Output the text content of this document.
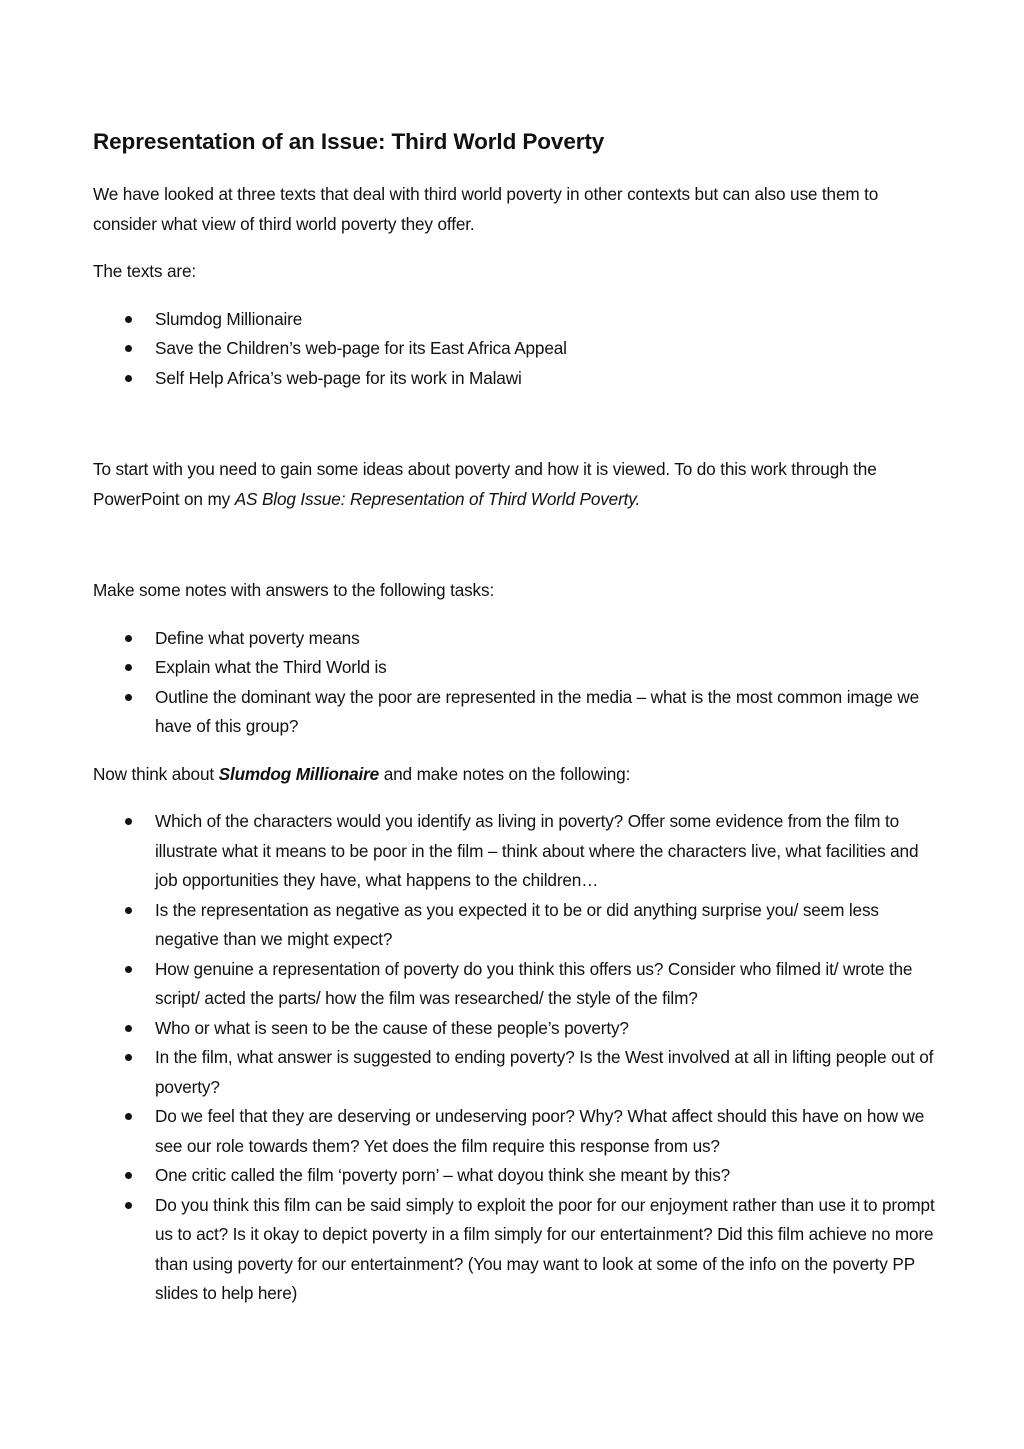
Representation of an Issue: Third World Poverty

We have looked at three texts that deal with third world poverty in other contexts but can also use them to consider what view of third world poverty they offer.

The texts are:

Slumdog Millionaire
Save the Children’s web-page for its East Africa Appeal
Self Help Africa’s web-page for its work in Malawi

To start with you need to gain some ideas about poverty and how it is viewed. To do this work through the PowerPoint on my AS Blog Issue: Representation of Third World Poverty.

Make some notes with answers to the following tasks:

Define what poverty means
Explain what the Third World is
Outline the dominant way the poor are represented in the media – what is the most common image we have of this group?

Now think about Slumdog Millionaire and make notes on the following:

Which of the characters would you identify as living in poverty? Offer some evidence from the film to illustrate what it means to be poor in the film – think about where the characters live, what facilities and job opportunities they have, what happens to the children…
Is the representation as negative as you expected it to be or did anything surprise you/ seem less negative than we might expect?
How genuine a representation of poverty do you think this offers us? Consider who filmed it/ wrote the script/ acted the parts/ how the film was researched/ the style of the film?
Who or what is seen to be the cause of these people’s poverty?
In the film, what answer is suggested to ending poverty? Is the West involved at all in lifting people out of poverty?
Do we feel that they are deserving or undeserving poor? Why? What affect should this have on how we see our role towards them? Yet does the film require this response from us?
One critic called the film ‘poverty porn’ – what doyou think she meant by this?
Do you think this film can be said simply to exploit the poor for our enjoyment rather than use it to prompt us to act? Is it okay to depict poverty in a film simply for our entertainment? Did this film achieve no more than using poverty for our entertainment? (You may want to look at some of the info on the poverty PP slides to help here)
